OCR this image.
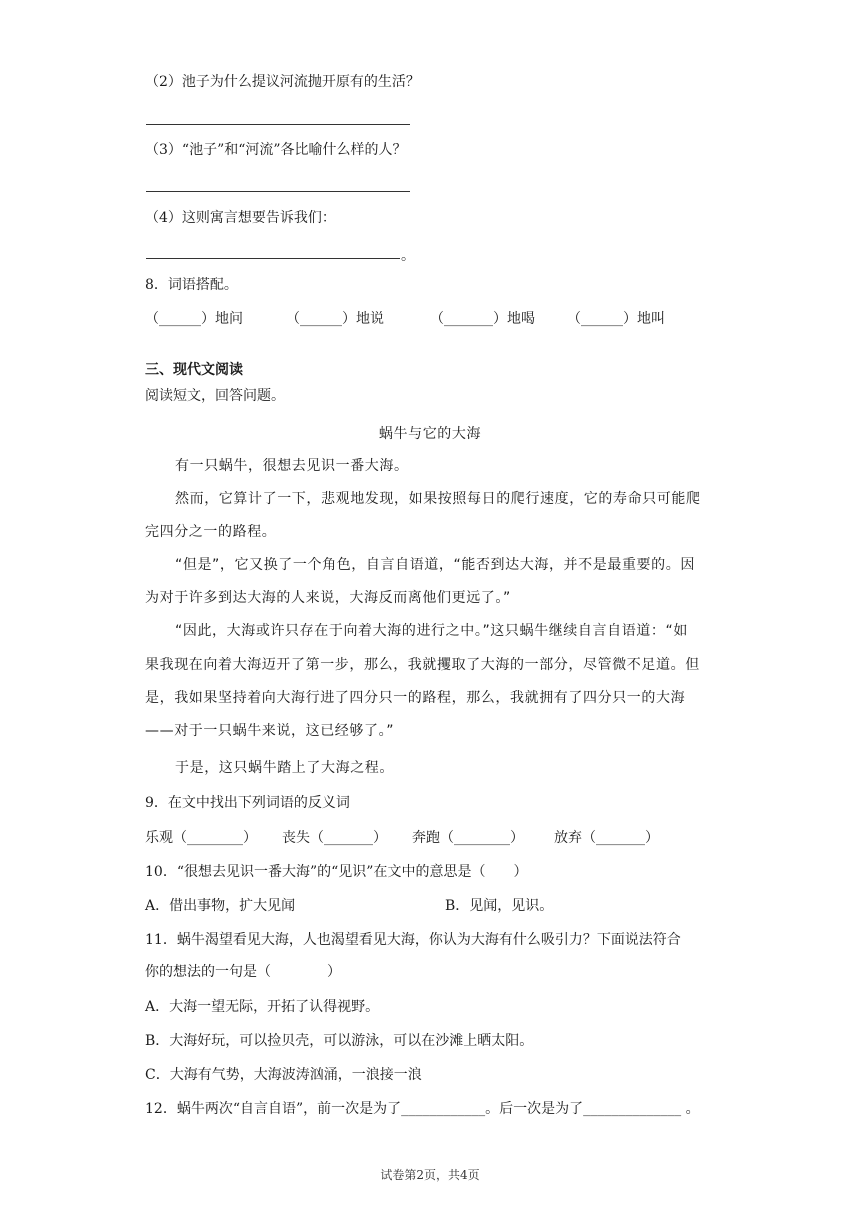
（2）池子为什么提议河流抛开原有的生活？
（3）“池子”和“河流”各比喻什么样的人？
（4）这则寓言想要告诉我们：
。
8．词语搭配。
（______）地问	（______）地说	（_______）地喝 （______）地叫
三、现代文阅读
阅读短文，回答问题。
蜗牛与它的大海
有一只蜗牛，很想去见识一番大海。
然而，它算计了一下，悲观地发现，如果按照每日的爬行速度，它的寿命只可能爬
完四分之一的路程。
“但是”，它又换了一个角色，自言自语道，“能否到达大海，并不是最重要的。因
为对于许多到达大海的人来说，大海反而离他们更远了。”
“因此，大海或许只存在于向着大海的进行之中。”这只蜗牛继续自言自语道：“如
果我现在向着大海迈开了第一步，那么，我就攫取了大海的一部分，尽管微不足道。但
是，我如果坚持着向大海行进了四分只一的路程，那么，我就拥有了四分只一的大海
——对于一只蜗牛来说，这已经够了。”
于是，这只蜗牛踏上了大海之程。
9．在文中找出下列词语的反义词
乐观（________） 丧失（_______） 奔跑（________） 放弃（_______）
10．“很想去见识一番大海”的“见识”在文中的意思是（　　）
A．借出事物，扩大见闻	B．见闻，见识。
11．蜗牛渴望看见大海，人也渴望看见大海，你认为大海有什么吸引力？下面说法符合
你的想法的一句是（　　　　）
A．大海一望无际，开拓了认得视野。
B．大海好玩，可以捡贝壳，可以游泳，可以在沙滩上晒太阳。
C．大海有气势，大海波涛汹涌，一浪接一浪
12．蜗牛两次“自言自语”，前一次是为了____________。后一次是为了______________ 。
试卷第2页，共4页
